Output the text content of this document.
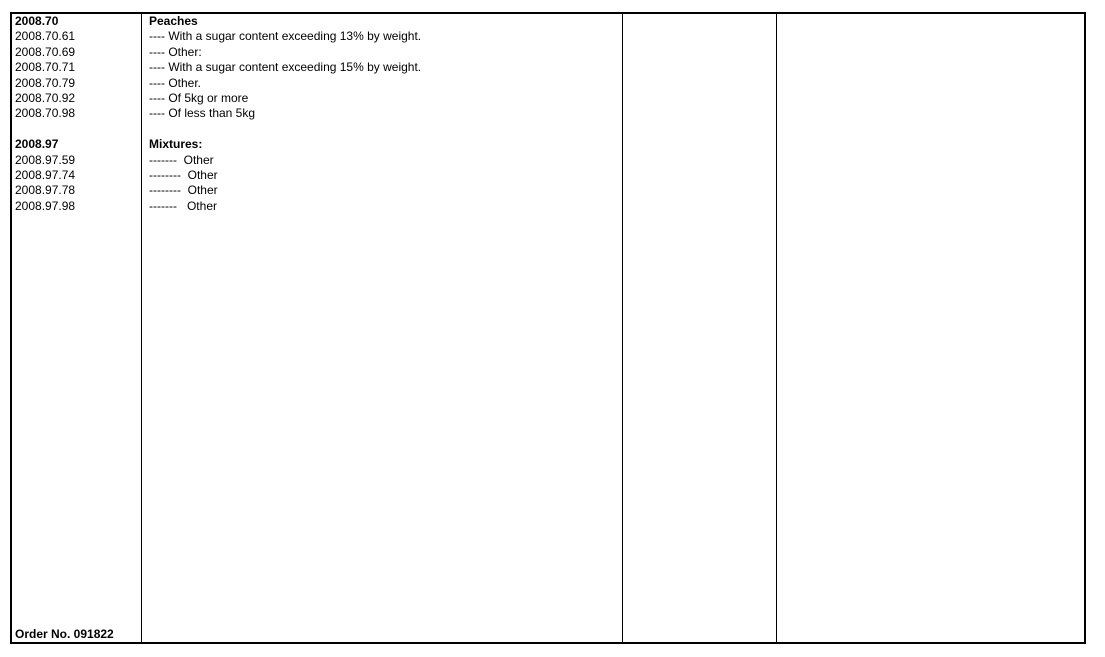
2008.70
2008.70.61
2008.70.69
2008.70.71
2008.70.79
2008.70.92
2008.70.98
2008.97
2008.97.59
2008.97.74
2008.97.78
2008.97.98
Peaches
---- With a sugar content exceeding 13% by weight.
---- Other:
---- With a sugar content exceeding 15% by weight.
---- Other.
---- Of 5kg or more
---- Of less than 5kg
Mixtures:
-------  Other
--------  Other
--------  Other
-------   Other
Order No. 091822
